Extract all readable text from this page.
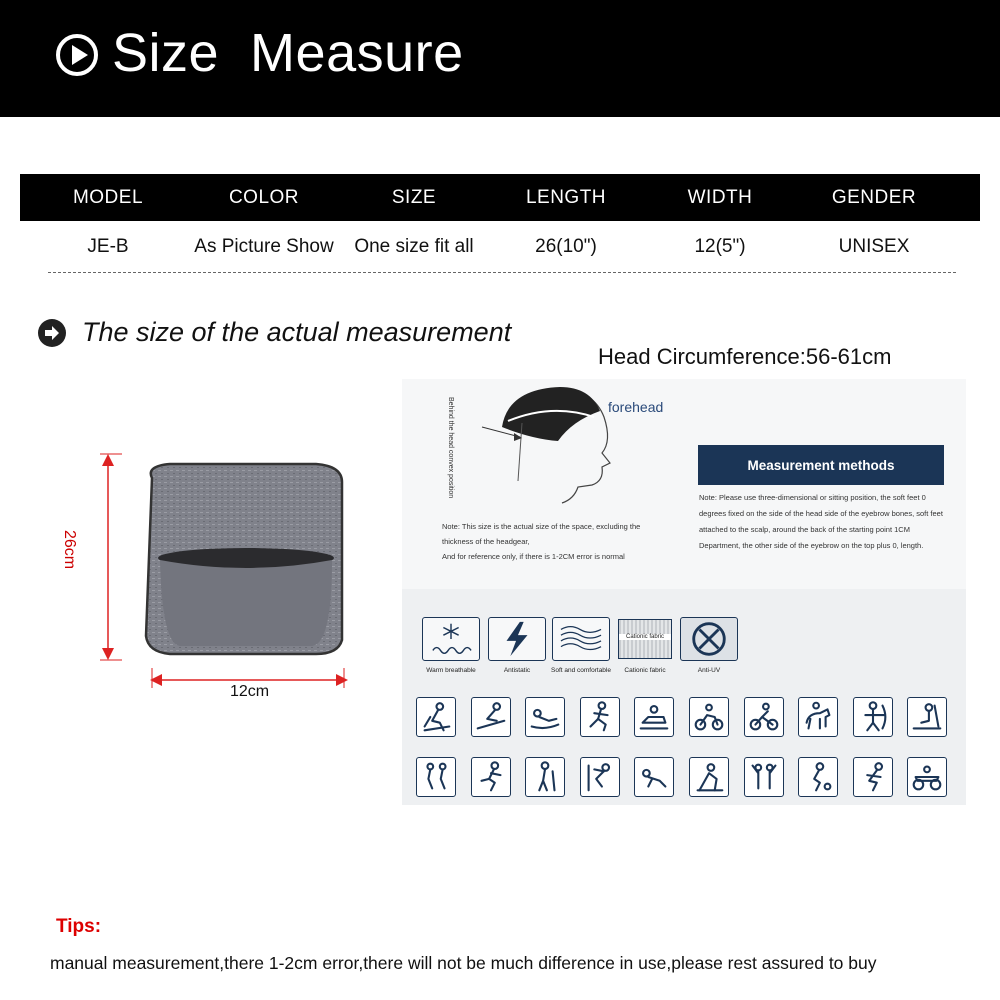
Size  Measure
MODEL	COLOR	SIZE	LENGTH	WIDTH	GENDER
JE-B	As Picture Show	One size fit all	26(10")	12(5")	UNISEX
The size of the actual measurement
Head Circumference:56-61cm
26cm
12cm
Behind the head convex position	forehead
Note: This size is the actual size of the space, excluding the
thickness of the headgear,
And for reference only, if there is 1-2CM error is normal
Measurement methods
Note: Please use three-dimensional or sitting position, the soft feet 0 degrees fixed on the side of the head side of the eyebrow bones, soft feet attached to the scalp, around the back of the starting point 1CM Department, the other side of the eyebrow on the top plus 0, length.
Cationic fabric
Warm breathable	Antistatic	Soft and comfortable	Cationic fabric	Anti-UV
Tips:
manual measurement,there 1-2cm error,there will not be much difference in use,please rest assured to buy
